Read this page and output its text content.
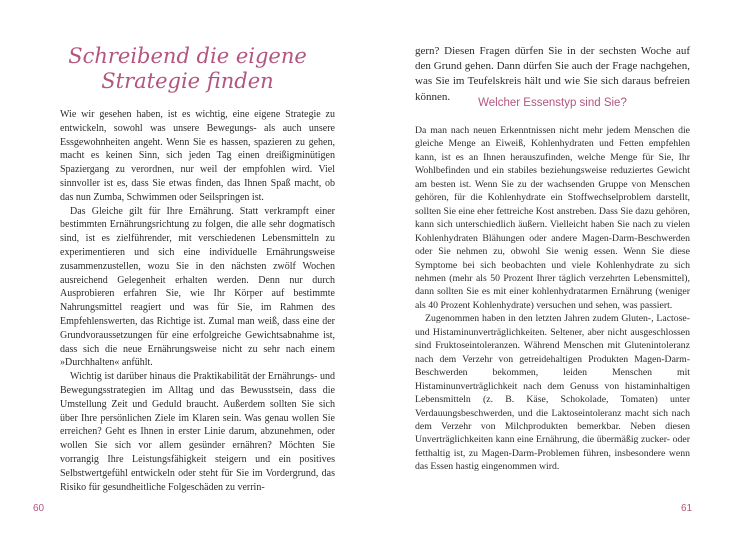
Schreibend die eigene
Strategie finden

Wie wir gesehen haben, ist es wichtig, eine eigene Strategie zu entwickeln, sowohl was unsere Bewegungs- als auch unsere Essgewohnheiten angeht. Wenn Sie es hassen, spazieren zu gehen, macht es keinen Sinn, sich jeden Tag einen dreißigminütigen Spaziergang zu verordnen, nur weil der empfohlen wird. Viel sinnvoller ist es, dass Sie etwas finden, das Ihnen Spaß macht, ob das nun Zumba, Schwimmen oder Seilspringen ist.

Das Gleiche gilt für Ihre Ernährung. Statt verkrampft einer bestimmten Ernährungsrichtung zu folgen, die alle sehr dogmatisch sind, ist es zielführender, mit verschiedenen Lebensmitteln zu experimentieren und sich eine individuelle Ernährungsweise zusammenzustellen, wozu Sie in den nächsten zwölf Wochen ausreichend Gelegenheit erhalten werden. Denn nur durch Ausprobieren erfahren Sie, wie Ihr Körper auf bestimmte Nahrungsmittel reagiert und was für Sie, im Rahmen des Empfehlenswerten, das Richtige ist. Zumal man weiß, dass eine der Grundvoraussetzungen für eine erfolgreiche Gewichtsabnahme ist, dass sich die neue Ernährungsweise nicht zu sehr nach einem »Durchhalten« anfühlt.

Wichtig ist darüber hinaus die Praktikabilität der Ernährungs- und Bewegungsstrategien im Alltag und das Bewusstsein, dass die Umstellung Zeit und Geduld braucht. Außerdem sollten Sie sich über Ihre persönlichen Ziele im Klaren sein. Was genau wollen Sie erreichen? Geht es Ihnen in erster Linie darum, abzunehmen, oder wollen Sie sich vor allem gesünder ernähren? Möchten Sie vorrangig Ihre Leistungsfähigkeit steigern und ein positives Selbstwertgefühl entwickeln oder steht für Sie im Vordergrund, das Risiko für gesundheitliche Folgeschäden zu verrin-

60

gern? Diesen Fragen dürfen Sie in der sechsten Woche auf den Grund gehen. Dann dürfen Sie auch der Frage nachgehen, was Sie im Teufelskreis hält und wie Sie sich daraus befreien können.

Welcher Essenstyp sind Sie?

Da man nach neuen Erkenntnissen nicht mehr jedem Menschen die gleiche Menge an Eiweiß, Kohlenhydraten und Fetten empfehlen kann, ist es an Ihnen herauszufinden, welche Menge für Sie, Ihr Wohlbefinden und ein stabiles beziehungsweise reduziertes Gewicht am besten ist. Wenn Sie zu der wachsenden Gruppe von Menschen gehören, für die Kohlenhydrate ein Stoffwechselproblem darstellt, sollten Sie eine eher fettreiche Kost anstreben. Dass Sie dazu gehören, kann sich unterschiedlich äußern. Vielleicht haben Sie nach zu vielen Kohlenhydraten Blähungen oder andere Magen-Darm-Beschwerden oder Sie nehmen zu, obwohl Sie wenig essen. Wenn Sie diese Symptome bei sich beobachten und viele Kohlenhydrate zu sich nehmen (mehr als 50 Prozent Ihrer täglich verzehrten Lebensmittel), dann sollten Sie es mit einer kohlenhydratarmen Ernährung (weniger als 40 Prozent Kohlenhydrate) versuchen und sehen, was passiert.

Zugenommen haben in den letzten Jahren zudem Gluten-, Lactose- und Histaminunverträglichkeiten. Seltener, aber nicht ausgeschlossen sind Fruktoseintoleranzen. Während Menschen mit Glutenintoleranz nach dem Verzehr von getreidehaltigen Produkten Magen-Darm-Beschwerden bekommen, leiden Menschen mit Histaminunverträglichkeit nach dem Genuss von histaminhaltigen Lebensmitteln (z. B. Käse, Schokolade, Tomaten) unter Verdauungsbeschwerden, und die Laktoseintoleranz macht sich nach dem Verzehr von Milchprodukten bemerkbar. Neben diesen Unverträglichkeiten kann eine Ernährung, die übermäßig zucker- oder fetthaltig ist, zu Magen-Darm-Problemen führen, insbesondere wenn das Essen hastig eingenommen wird.

61
